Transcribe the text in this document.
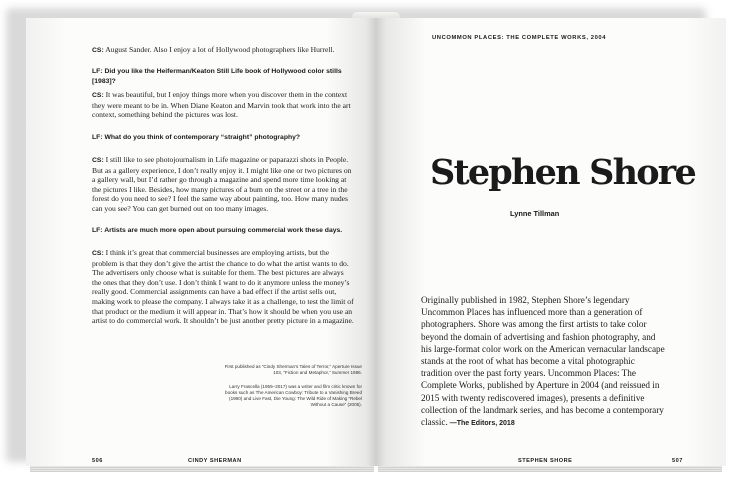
CS: August Sander. Also I enjoy a lot of Hollywood photographers like Hurrell.
LF: Did you like the Heiferman/Keaton Still Life book of Hollywood color stills [1983]?
CS: It was beautiful, but I enjoy things more when you discover them in the context they were meant to be in. When Diane Keaton and Marvin took that work into the art context, something behind the pictures was lost.
LF: What do you think of contemporary “straight” photography?
CS: I still like to see photojournalism in Life magazine or paparazzi shots in People. But as a gallery experience, I don’t really enjoy it. I might like one or two pictures on a gallery wall, but I’d rather go through a magazine and spend more time looking at the pictures I like. Besides, how many pictures of a bum on the street or a tree in the forest do you need to see? I feel the same way about painting, too. How many nudes can you see? You can get burned out on too many images.
LF: Artists are much more open about pursuing commercial work these days.
CS: I think it’s great that commercial businesses are employing artists, but the problem is that they don’t give the artist the chance to do what the artist wants to do. The advertisers only choose what is suitable for them. The best pictures are always the ones that they don’t use. I don’t think I want to do it anymore unless the money’s really good. Commercial assignments can have a bad effect if the artist sells out, making work to please the company. I always take it as a challenge, to test the limit of that product or the medium it will appear in. That’s how it should be when you use an artist to do commercial work. It shouldn’t be just another pretty picture in a magazine.
First published as “Cindy Sherman’s Tales of Terror,” Aperture Issue 103, “Fiction and Metaphor,” Summer 1986.
Larry Frascella (1955–2017) was a writer and film critic known for books such as The American Cowboy: Tribute to a Vanishing Breed (1990) and Live Fast, Die Young: The Wild Ride of Making “Rebel Without a Cause” (2005).
506	CINDY SHERMAN
UNCOMMON PLACES: THE COMPLETE WORKS, 2004
Stephen Shore
Lynne Tillman
Originally published in 1982, Stephen Shore’s legendary Uncommon Places has influenced more than a generation of photographers. Shore was among the first artists to take color beyond the domain of advertising and fashion photography, and his large-format color work on the American vernacular landscape stands at the root of what has become a vital photographic tradition over the past forty years. Uncommon Places: The Complete Works, published by Aperture in 2004 (and reissued in 2015 with twenty rediscovered images), presents a definitive collection of the landmark series, and has become a contemporary classic. —The Editors, 2018
STEPHEN SHORE	507
